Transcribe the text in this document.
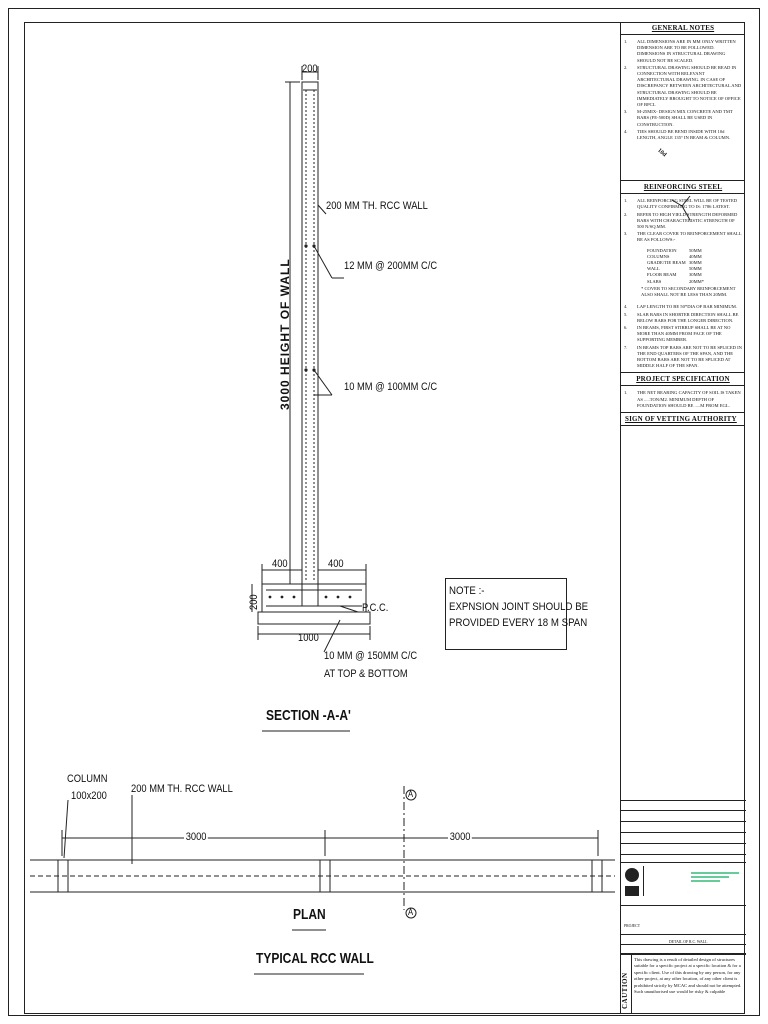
200
200 MM TH. RCC WALL
12 MM @ 200MM C/C
10 MM @ 100MM C/C
3000 HEIGHT OF WALL
400	400
200	P.C.C.
1000
10 MM @ 150MM C/C
AT TOP & BOTTOM
SECTION -A-A'
NOTE :-
EXPNSION JOINT SHOULD BE
PROVIDED EVERY 18 M SPAN
COLUMN
100x200
200 MM TH. RCC WALL
3000	3000
A
A
PLAN
TYPICAL RCC WALL
GENERAL NOTES
1.	ALL DIMENSIONS ARE IN MM ONLY WRITTEN DIMENSION ARE TO BE FOLLOWED. DIMENSIONS IN STRUCTURAL DRAWING SHOULD NOT BE SCALED.
2.	STRUCTURAL DRAWING SHOULD BE READ IN CONNECTION WITH RELEVANT ARCHITECTURAL DRAWING. IN CASE OF DISCREPANCY BETWEEN ARCHITECTURAL AND STRUCTURAL DRAWING SHOULD BE IMMEDIATELY BROUGHT TO NOTICE OF OFFICE OF BPCL
3.	M-25MIX- DESIGN MIX CONCRETE AND TMT BARS (FE-500D) SHALL BE USED IN CONSTRUCTION.
4.	TIES SHOULD BE BEND INSIDE WITH 10d LENGTH, ANGLE 135° IN BEAM & COLUMN.
10d
REINFORCING STEEL
1.	ALL REINFORCING STEEL WILL BE OF TESTED QUALITY CONFIRMING TO IS: 1786 LATEST.
2.	REFER TO HIGH YIELD STRENGTH DEFORMED BARS WITH CHARACTERISTIC STRENGTH OF 500 N/SQ.MM.
3.	THE CLEAR COVER TO REINFORCEMENT SHALL BE AS FOLLOWS:-
FOUNDATION	50MM
COLUMNS	40MM
GRADE/TIE BEAM 30MM
WALL	50MM
FLOOR BEAM	30MM
SLABS	20MM*
* COVER TO SECONDARY REINFORCEMENT ALSO SHALL NOT BE LESS THAN 20MM.
4.	LAP LENGTH TO BE 50*DIA OF BAR MINIMUM.
5.	SLAB BARS IN SHORTER DIRECTION SHALL BE BELOW BARS FOR THE LONGER DIRECTION.
6.	IN BEAMS, FIRST STIRRUP SHALL BE AT NO MORE THAN 40MM FROM FACE OF THE SUPPORTING MEMBER.
7.	IN BEAMS TOP BARS ARE NOT TO BE SPLICED IN THE END QUARTERS OF THE SPAN, AND THE BOTTOM BARS ARE NOT TO BE SPLICED AT MIDDLE HALF OF THE SPAN.
PROJECT SPECIFICATION
1.	THE NET BEARING CAPACITY OF SOIL IS TAKEN AS .....TON/M2. MINIMUM DEPTH OF FOUNDATION SHOULD BE .....M FROM EGL.
SIGN OF VETTING AUTHORITY
PROJECT
DETAIL OF R.C. WALL
CAUTION
This drawing is a result of detailed design of structures suitable for a specific project at a specific location & for a specific client. Use of this drawing by any person, for any other project, at any other location, of any other client is prohibited strictly by MCAC and should not be attempted. Such unauthorised use would be risky & culpable
